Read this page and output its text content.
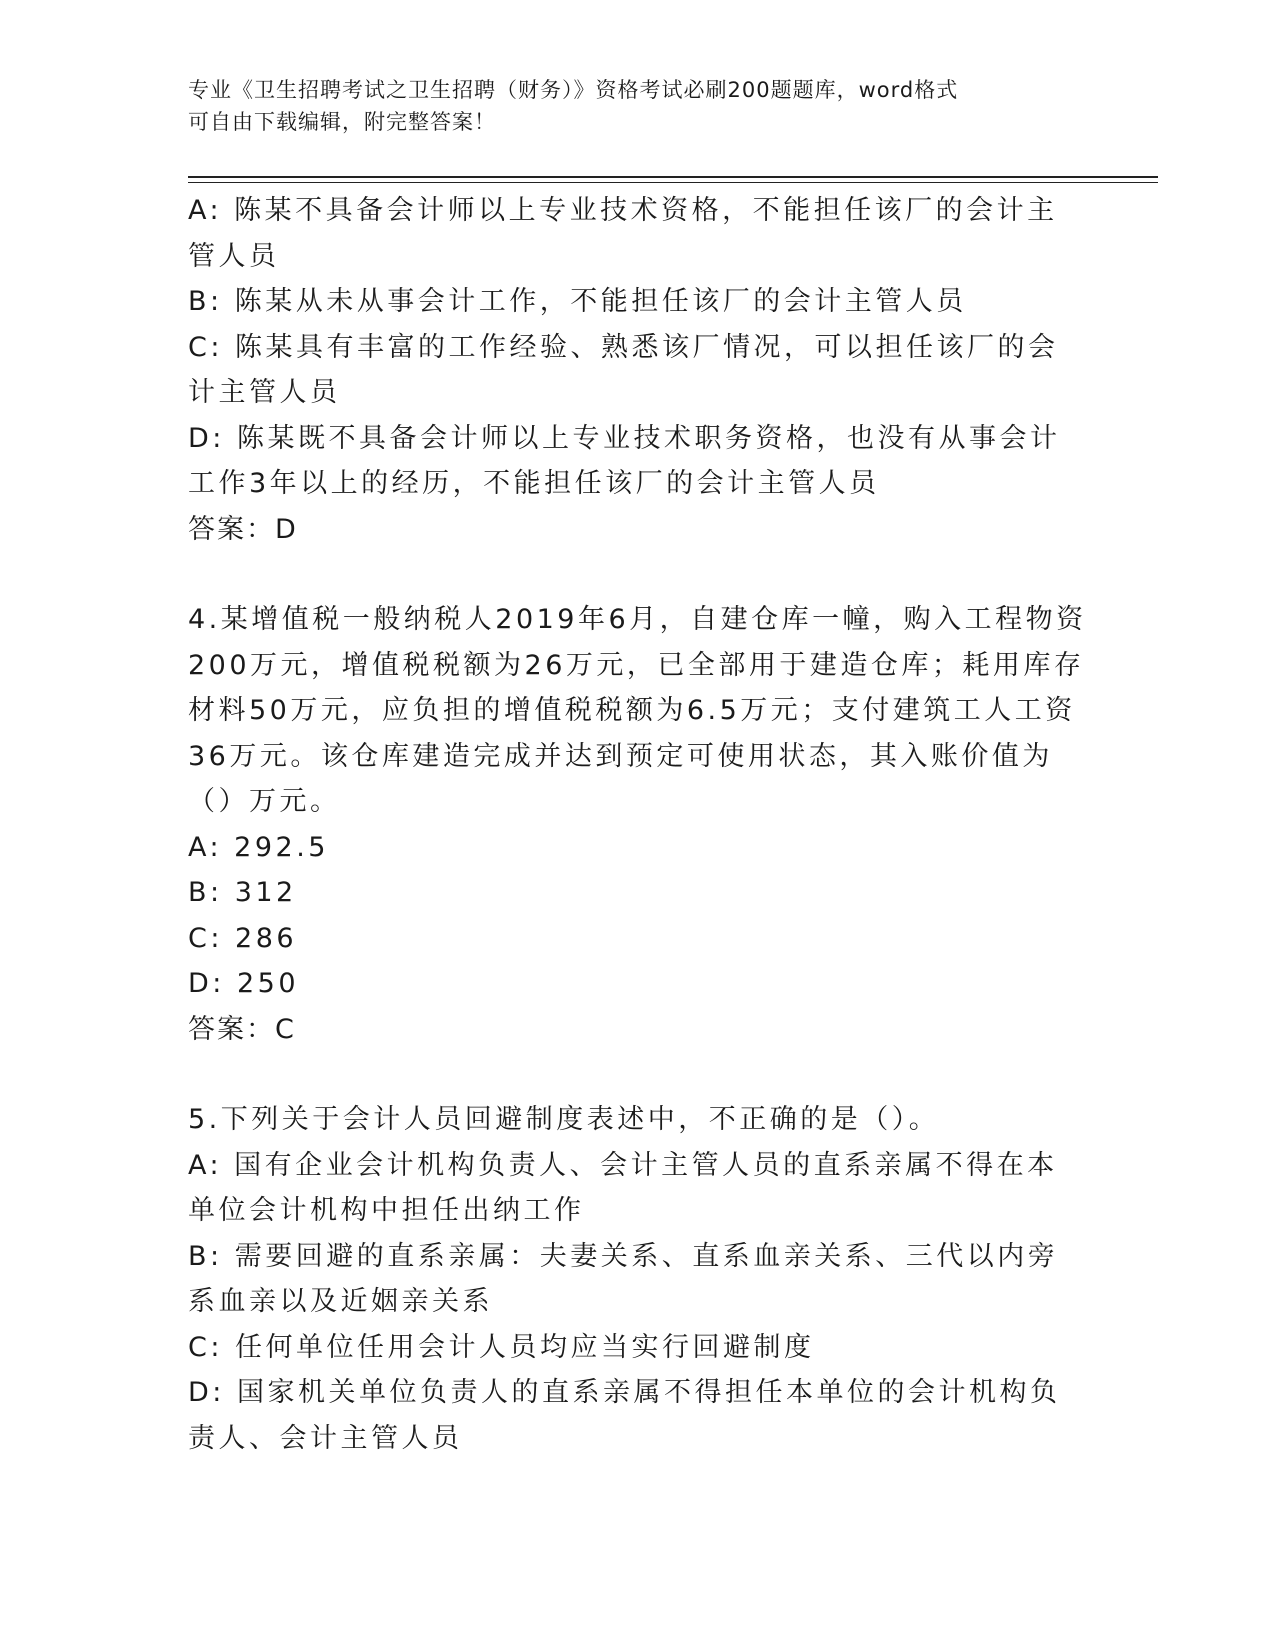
专业《卫生招聘考试之卫生招聘（财务）》资格考试必刷200题题库，word格式
可自由下载编辑，附完整答案！

A: 陈某不具备会计师以上专业技术资格，不能担任该厂的会计主管人员

B: 陈某从未从事会计工作，不能担任该厂的会计主管人员

C: 陈某具有丰富的工作经验、熟悉该厂情况，可以担任该厂的会计主管人员

D: 陈某既不具备会计师以上专业技术职务资格，也没有从事会计工作3年以上的经历，不能担任该厂的会计主管人员

答案：D

4.某增值税一般纳税人2019年6月，自建仓库一幢，购入工程物资200万元，增值税税额为26万元，已全部用于建造仓库；耗用库存材料50万元，应负担的增值税税额为6.5万元；支付建筑工人工资36万元。该仓库建造完成并达到预定可使用状态，其入账价值为（）万元。

A: 292.5

B: 312

C: 286

D: 250

答案：C

5.下列关于会计人员回避制度表述中，不正确的是（）。

A: 国有企业会计机构负责人、会计主管人员的直系亲属不得在本单位会计机构中担任出纳工作

B: 需要回避的直系亲属：夫妻关系、直系血亲关系、三代以内旁系血亲以及近姻亲关系

C: 任何单位任用会计人员均应当实行回避制度

D: 国家机关单位负责人的直系亲属不得担任本单位的会计机构负责人、会计主管人员
